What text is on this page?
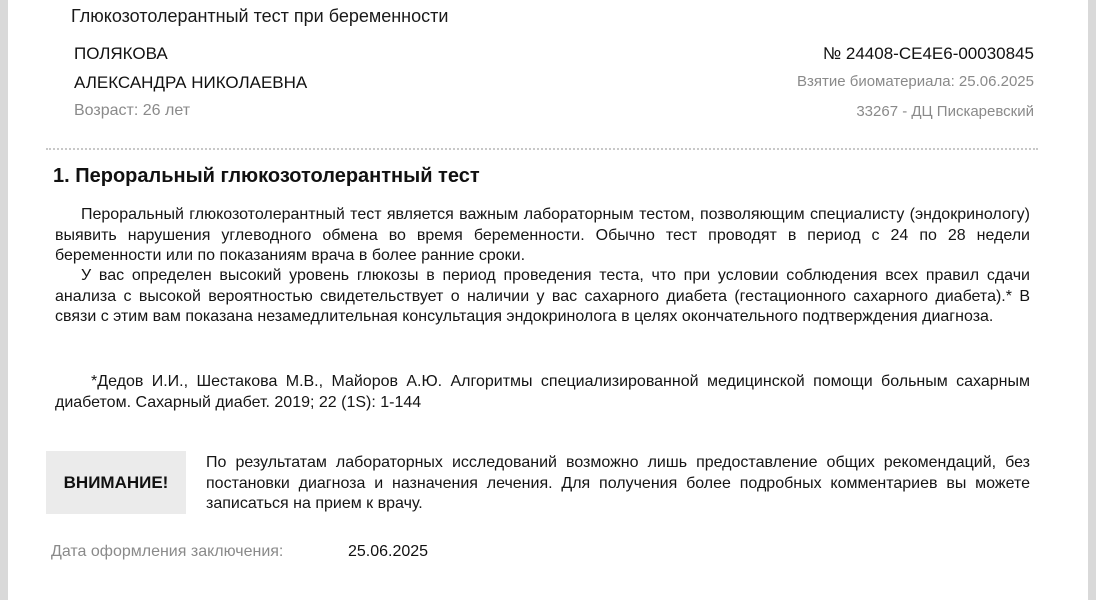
Глюкозотолерантный тест при беременности
ПОЛЯКОВА
АЛЕКСАНДРА НИКОЛАЕВНА
Возраст: 26 лет
№ 24408-CE4E6-00030845
Взятие биоматериала: 25.06.2025
33267 - ДЦ Пискаревский
1. Пероральный глюкозотолерантный тест
Пероральный глюкозотолерантный тест является важным лабораторным тестом, позволяющим специалисту (эндокринологу) выявить нарушения углеводного обмена во время беременности. Обычно тест проводят в период с 24 по 28 недели беременности или по показаниям врача в более ранние сроки.
У вас определен высокий уровень глюкозы в период проведения теста, что при условии соблюдения всех правил сдачи анализа с высокой вероятностью свидетельствует о наличии у вас сахарного диабета (гестационного сахарного диабета).* В связи с этим вам показана незамедлительная консультация эндокринолога в целях окончательного подтверждения диагноза.
*Дедов И.И., Шестакова М.В., Майоров А.Ю. Алгоритмы специализированной медицинской помощи больным сахарным диабетом. Сахарный диабет. 2019; 22 (1S): 1-144
ВНИМАНИЕ!
По результатам лабораторных исследований возможно лишь предоставление общих рекомендаций, без постановки диагноза и назначения лечения. Для получения более подробных комментариев вы можете записаться на прием к врачу.
Дата оформления заключения:	25.06.2025
